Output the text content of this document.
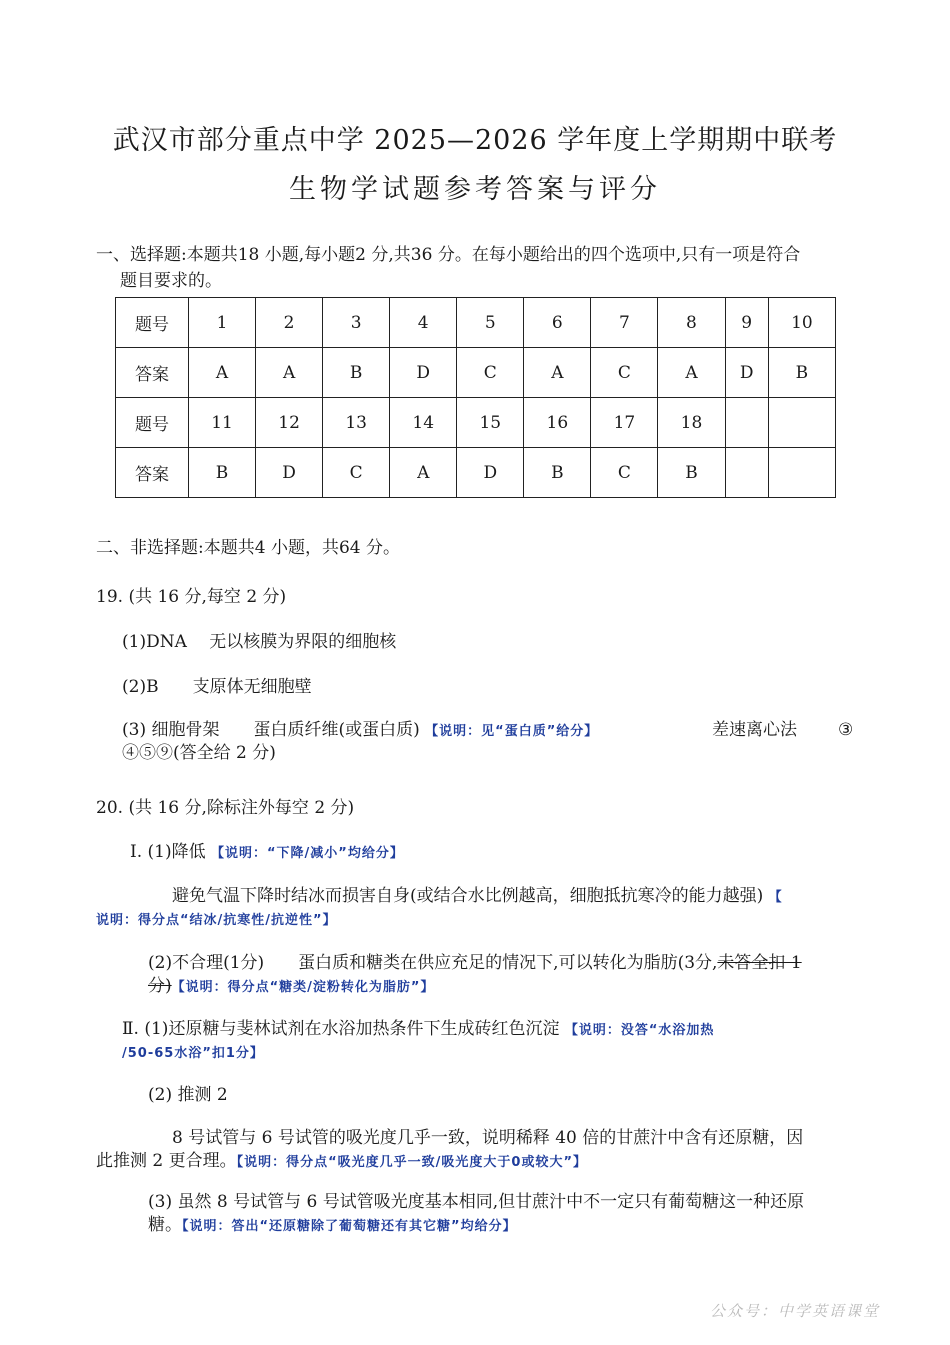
武汉市部分重点中学 2025—2026 学年度上学期期中联考
生物学试题参考答案与评分
一、选择题:本题共18 小题,每小题2 分,共36 分。在每小题给出的四个选项中,只有一项是符合
题目要求的。
题号	1	2	3	4	5	6	7	8	9	10
答案	A	A	B	D	C	A	C	A	D	B
题号	11	12	13	14	15	16	17	18		
答案	B	D	C	A	D	B	C	B		
二、非选择题:本题共4 小题，共64 分。
19. (共 16 分,每空 2 分)
(1)DNA　 无以核膜为界限的细胞核
(2)B　　支原体无细胞壁
(3) 细胞骨架　　蛋白质纤维(或蛋白质) 【说明：见“蛋白质”给分】	差速离心法 ③
④⑤⑨(答全给 2 分)
20. (共 16 分,除标注外每空 2 分)
Ⅰ. (1)降低 【说明：“下降/减小”均给分】
避免气温下降时结冰而损害自身(或结合水比例越高，细胞抵抗寒冷的能力越强) 【
说明：得分点“结冰/抗寒性/抗逆性”】
(2)不合理(1分)　　蛋白质和糖类在供应充足的情况下,可以转化为脂肪(3分,未答全扣 1
分)【说明：得分点“糖类/淀粉转化为脂肪”】
Ⅱ. (1)还原糖与斐林试剂在水浴加热条件下生成砖红色沉淀 【说明：没答“水浴加热
/50-65水浴”扣1分】
(2) 推测 2
8 号试管与 6 号试管的吸光度几乎一致，说明稀释 40 倍的甘蔗汁中含有还原糖，因
此推测 2 更合理。【说明：得分点“吸光度几乎一致/吸光度大于0或较大”】
(3) 虽然 8 号试管与 6 号试管吸光度基本相同,但甘蔗汁中不一定只有葡萄糖这一种还原
糖。【说明：答出“还原糖除了葡萄糖还有其它糖”均给分】
公众号：中学英语课堂
